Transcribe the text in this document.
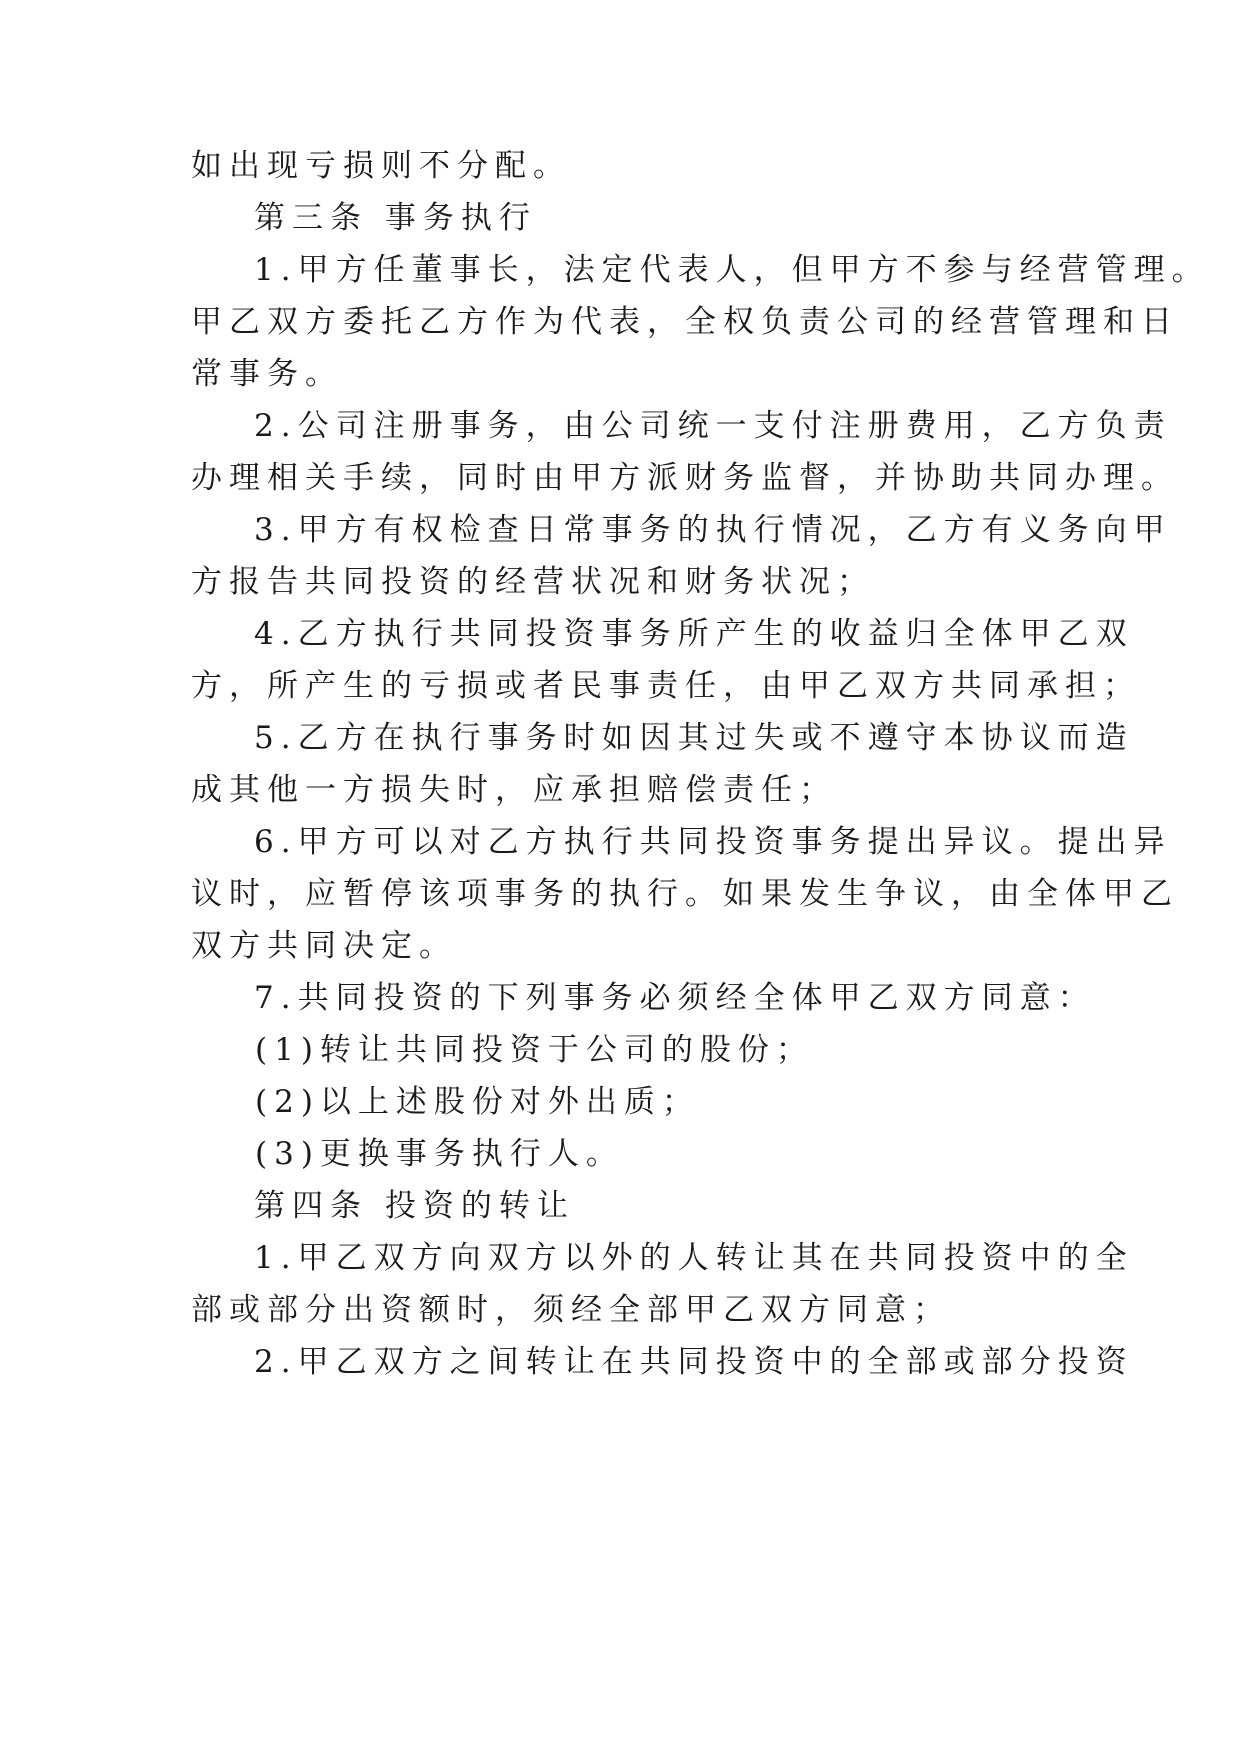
如出现亏损则不分配。
第三条 事务执行
1.甲方任董事长，法定代表人，但甲方不参与经营管理。
甲乙双方委托乙方作为代表，全权负责公司的经营管理和日
常事务。
2.公司注册事务，由公司统一支付注册费用，乙方负责
办理相关手续，同时由甲方派财务监督，并协助共同办理。
3.甲方有权检查日常事务的执行情况，乙方有义务向甲
方报告共同投资的经营状况和财务状况；
4.乙方执行共同投资事务所产生的收益归全体甲乙双
方，所产生的亏损或者民事责任，由甲乙双方共同承担；
5.乙方在执行事务时如因其过失或不遵守本协议而造
成其他一方损失时，应承担赔偿责任；
6.甲方可以对乙方执行共同投资事务提出异议。提出异
议时，应暂停该项事务的执行。如果发生争议，由全体甲乙
双方共同决定。
7.共同投资的下列事务必须经全体甲乙双方同意：
(1)转让共同投资于公司的股份；
(2)以上述股份对外出质；
(3)更换事务执行人。
第四条 投资的转让
1.甲乙双方向双方以外的人转让其在共同投资中的全
部或部分出资额时，须经全部甲乙双方同意；
2.甲乙双方之间转让在共同投资中的全部或部分投资
